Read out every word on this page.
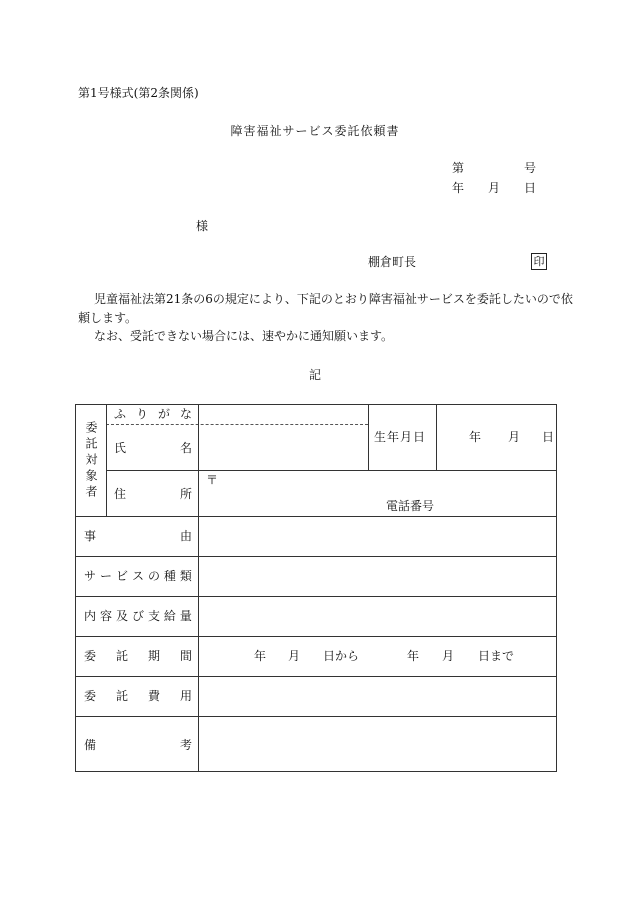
第1号様式(第2条関係)
障害福祉サービス委託依頼書
第	号
年 月 日
様
棚倉町長	印
児童福祉法第21条の6の規定により、下記のとおり障害福祉サービスを委託したいので依
頼します。
なお、受託できない場合には、速やかに通知願います。
記
委託対象者
ふ り が な
氏	名
生年月日	年 月 日
住	所
〒
電話番号
事	由
サ ー ビ ス の 種 類
内 容 及 び 支 給 量
委 託 期 間	年 月 日から	年 月 日まで
委 託 費 用
備	考
